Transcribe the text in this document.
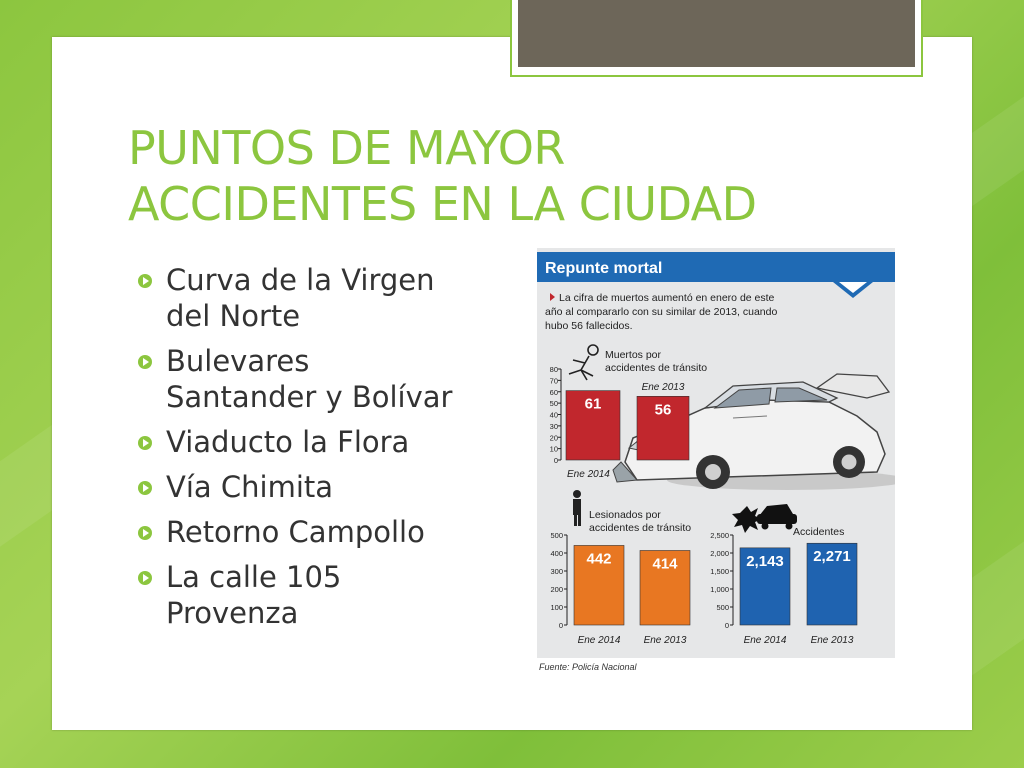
PUNTOS DE MAYOR
ACCIDENTES EN LA CIUDAD
Curva de la Virgen
del Norte
Bulevares
Santander y Bolívar
Viaducto la Flora
Vía Chimita
Retorno Campollo
La calle 105
Provenza
Repunte mortal
La cifra de muertos aumentó en enero de este
año al compararlo con su similar de 2013, cuando
hubo 56 fallecidos.
Muertos por
accidentes de tránsito
0
10
20
30
40
50
60
70
80
61	56
Ene 2014
Ene 2013
Lesionados por
accidentes de tránsito	Accidentes
0
100
200
300
400
500
442	414
Ene 2014 Ene 2013
0
500
1,000
1,500
2,000
2,500
2,143 2,271
Ene 2014 Ene 2013
Fuente: Policía Nacional
